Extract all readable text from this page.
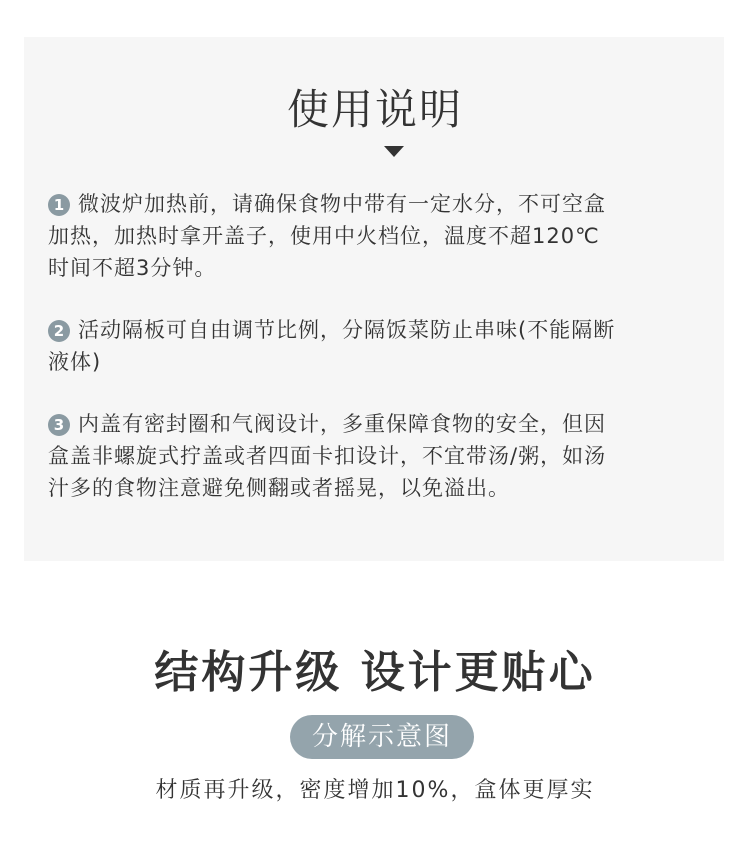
使用说明
1 微波炉加热前，请确保食物中带有一定水分，不可空盒
加热，加热时拿开盖子，使用中火档位，温度不超120℃
时间不超3分钟。
2 活动隔板可自由调节比例，分隔饭菜防止串味(不能隔断
液体)
3 内盖有密封圈和气阀设计，多重保障食物的安全，但因
盒盖非螺旋式拧盖或者四面卡扣设计，不宜带汤/粥，如汤
汁多的食物注意避免侧翻或者摇晃，以免溢出。
结构升级 设计更贴心
分解示意图
材质再升级，密度增加10%，盒体更厚实
